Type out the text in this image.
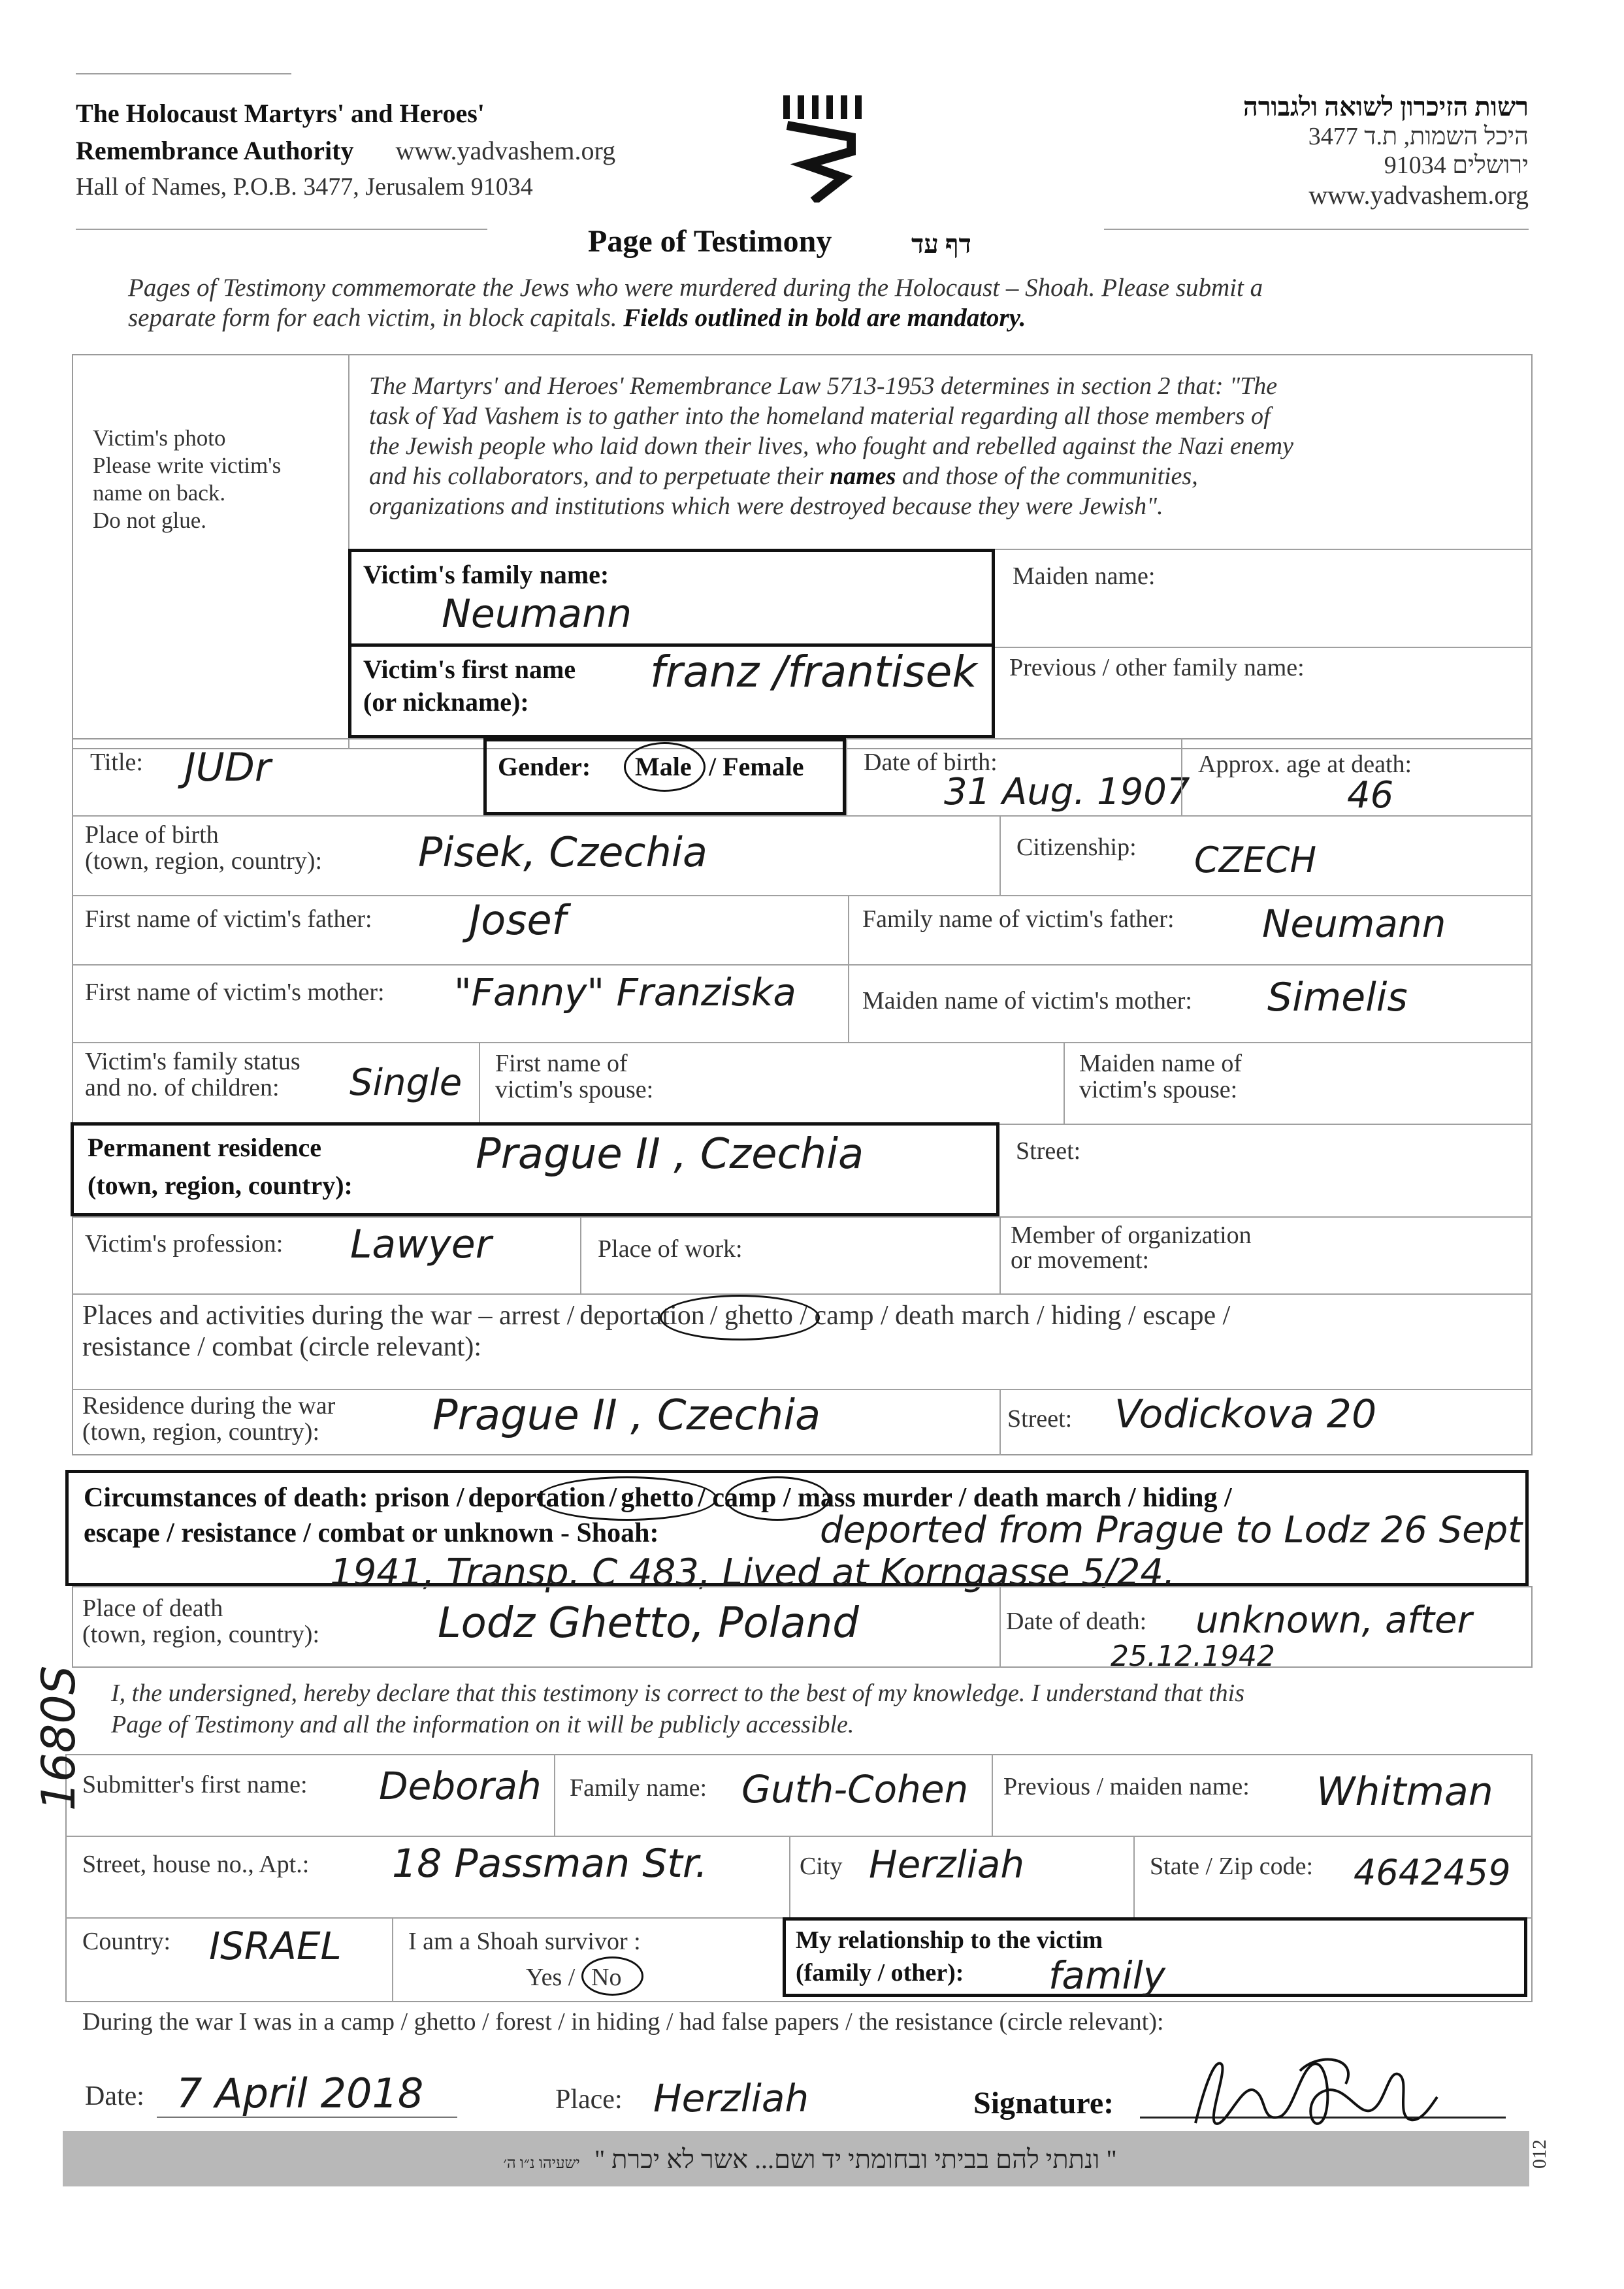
The Holocaust Martyrs' and Heroes'
Remembrance Authority www.yadvashem.org
Hall of Names, P.O.B. 3477, Jerusalem 91034
רשות הזיכרון לשואה ולגבורה
היכל השמות, ת.ד 3477
ירושלים 91034
www.yadvashem.org
Page of Testimony	דף עד
Pages of Testimony commemorate the Jews who were murdered during the Holocaust – Shoah. Please submit a
separate form for each victim, in block capitals. Fields outlined in bold are mandatory.
Victim's photo
Please write victim's
name on back.
Do not glue.
The Martyrs' and Heroes' Remembrance Law 5713-1953 determines in section 2 that: "The
task of Yad Vashem is to gather into the homeland material regarding all those members of
the Jewish people who laid down their lives, who fought and rebelled against the Nazi enemy
and his collaborators, and to perpetuate their names and those of the communities,
organizations and institutions which were destroyed because they were Jewish".
Victim's family name:
Neumann
Maiden name:
Victim's first name
(or nickname):
franz /frantisek Previous / other family name:
Title: JUDr	Gender: Male / Female Date of birth:
31 Aug. 1907
Approx. age at death:
46
Place of birth
(town, region, country): Pisek, Czechia	Citizenship: CZECH
First name of victim's father: Josef	Family name of victim's father: Neumann
First name of victim's mother: "Fanny" Franziska	Maiden name of victim's mother: Simelis
Victim's family status
and no. of children:	Single First name of
victim's spouse:
Maiden name of
victim's spouse:
Permanent residence
(town, region, country):
Prague II , Czechia	Street:
Victim's profession: Lawyer	Place of work:	Member of organization
or movement:
Places and activities during the war – arrest / deportation / ghetto / camp / death march / hiding / escape /
resistance / combat (circle relevant):
Residence during the war
(town, region, country):	Prague II , Czechia	Street: Vodickova 20
Circumstances of death: prison / deportation / ghetto / camp / mass murder / death march / hiding /
escape / resistance / combat or unknown - Shoah:	deported from Prague to Lodz 26 Sept
1941, Transp. C 483, Lived at Korngasse 5/24.
Place of death
(town, region, country):	Lodz Ghetto, Poland	Date of death: unknown, after
25.12.1942
I, the undersigned, hereby declare that this testimony is correct to the best of my knowledge. I understand that this
Page of Testimony and all the information on it will be publicly accessible.
Submitter's first name: Deborah Family name: Guth-Cohen Previous / maiden name: Whitman
Street, house no., Apt.: 18 Passman Str.	City Herzliah	State / Zip code: 4642459
Country: ISRAEL	I am a Shoah survivor :
Yes / No
My relationship to the victim
(family / other):	family
During the war I was in a camp / ghetto / forest / in hiding / had false papers / the resistance (circle relevant):
Date: 7 April 2018	Place: Herzliah	Signature:
" ונתתי להם בביתי ובחומתי יד ושם... אשר לא יכרת " ישעיהו נ״ו ה׳
1680S
012
